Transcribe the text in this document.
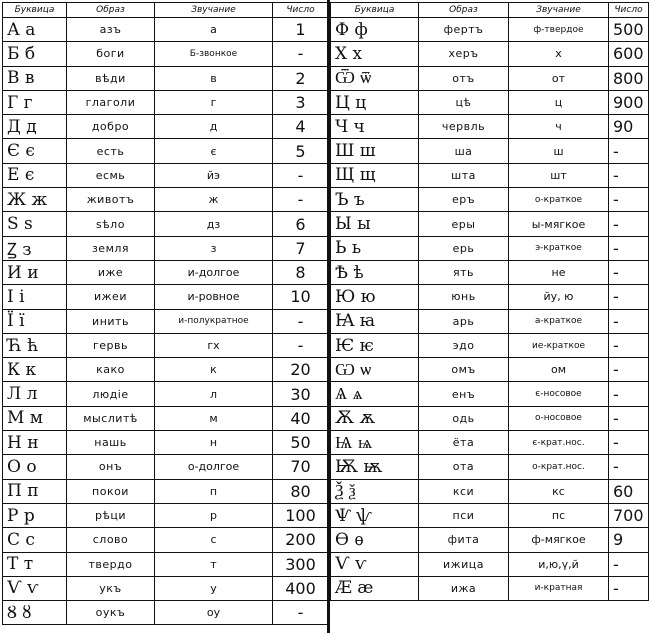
Буквица	Образ	Звучание	Число
А а	азъ	а	1
Б б	боги	Б-звонкое	-
В в	вѣди	в	2
Г г	глаголи	г	3
Д д	добро	д	4
Є є	есть	є	5
Е є	есмь	йэ	-
Ж ж	животъ	ж	-
Ѕ ѕ	ѕѣло	дз	6
Ꙁ з	земля	з	7
И и	иже	и-долгое	8
І і	ижеи	и-ровное	10
Ї ї	инить	и-полукратное	-
Ћ ћ	гервь	гх	-
К к	како	к	20
Л л	людіе	л	30
М м	мыслитѣ	м	40
Н н	нашь	н	50
О о	онъ	о-долгое	70
П п	покои	п	80
Р р	рѣци	р	100
С с	слово	с	200
Т т	твердо	т	300
Ѵ ѵ	укъ	у	400
Ȣ ȣ	оукъ	оу	-
Буквица	Образ	Звучание	Число
Ф ф	фертъ	ф-твердое	500
Х х	херъ	х	600
Ѿ ѿ	отъ	от	800
Ц ц	цѣ	ц	900
Ч ч	червль	ч	90
Ш ш	ша	ш	-
Щ щ	шта	шт	-
Ъ ъ	еръ	о-краткое	-
Ы ы	еры	ы-мягкое	-
Ь ь	ерь	э-краткое	-
Ѣ ѣ	ять	не	-
Ю ю	юнь	йу, ю	-
Ꙗ ꙗ	арь	а-краткое	-
Ѥ ѥ	эдо	ие-краткое	-
Ѡ ѡ	омъ	ом	-
Ѧ ѧ	енъ	є-носовое	-
Ѫ ѫ	одь	о-носовое	-
Ѩ ѩ	ёта	є-крат.нос.	-
Ѭ ѭ	ота	о-крат.нос.	-
Ѯ ѯ	кси	кс	60
Ѱ ѱ	пси	пс	700
Ѳ ѳ	фита	ф-мягкое	9
Ѵ ѵ	ижица	и,ю,ү,й	-
Ӕ ӕ	ижа	и-кратная	-
